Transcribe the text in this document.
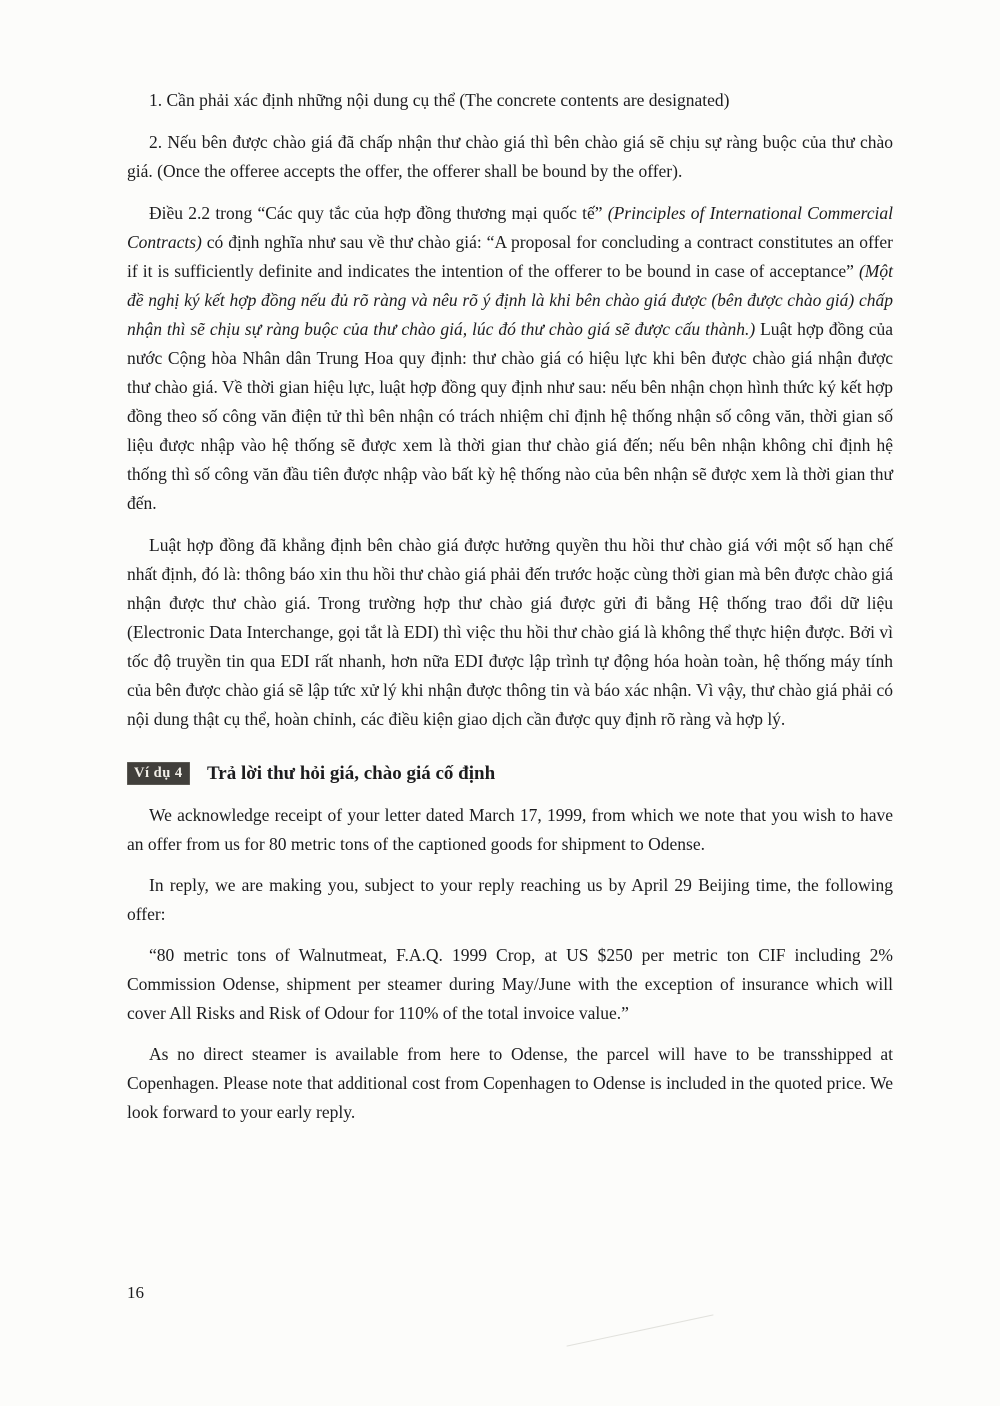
1. Cần phải xác định những nội dung cụ thể (The concrete contents are designated)

2. Nếu bên được chào giá đã chấp nhận thư chào giá thì bên chào giá sẽ chịu sự ràng buộc của thư chào giá. (Once the offeree accepts the offer, the offerer shall be bound by the offer).

Điều 2.2 trong “Các quy tắc của hợp đồng thương mại quốc tế” (Principles of International Commercial Contracts) có định nghĩa như sau về thư chào giá: “A proposal for concluding a contract constitutes an offer if it is sufficiently definite and indicates the intention of the offerer to be bound in case of acceptance” (Một đề nghị ký kết hợp đồng nếu đủ rõ ràng và nêu rõ ý định là khi bên chào giá được (bên được chào giá) chấp nhận thì sẽ chịu sự ràng buộc của thư chào giá, lúc đó thư chào giá sẽ được cấu thành.) Luật hợp đồng của nước Cộng hòa Nhân dân Trung Hoa quy định: thư chào giá có hiệu lực khi bên được chào giá nhận được thư chào giá. Về thời gian hiệu lực, luật hợp đồng quy định như sau: nếu bên nhận chọn hình thức ký kết hợp đồng theo số công văn điện tử thì bên nhận có trách nhiệm chỉ định hệ thống nhận số công văn, thời gian số liệu được nhập vào hệ thống sẽ được xem là thời gian thư chào giá đến; nếu bên nhận không chỉ định hệ thống thì số công văn đầu tiên được nhập vào bất kỳ hệ thống nào của bên nhận sẽ được xem là thời gian thư đến.

Luật hợp đồng đã khẳng định bên chào giá được hưởng quyền thu hồi thư chào giá với một số hạn chế nhất định, đó là: thông báo xin thu hồi thư chào giá phải đến trước hoặc cùng thời gian mà bên được chào giá nhận được thư chào giá. Trong trường hợp thư chào giá được gửi đi bằng Hệ thống trao đổi dữ liệu (Electronic Data Interchange, gọi tắt là EDI) thì việc thu hồi thư chào giá là không thể thực hiện được. Bởi vì tốc độ truyền tin qua EDI rất nhanh, hơn nữa EDI được lập trình tự động hóa hoàn toàn, hệ thống máy tính của bên được chào giá sẽ lập tức xử lý khi nhận được thông tin và báo xác nhận. Vì vậy, thư chào giá phải có nội dung thật cụ thể, hoàn chỉnh, các điều kiện giao dịch cần được quy định rõ ràng và hợp lý.

Ví dụ 4 Trả lời thư hỏi giá, chào giá cố định

We acknowledge receipt of your letter dated March 17, 1999, from which we note that you wish to have an offer from us for 80 metric tons of the captioned goods for shipment to Odense.

In reply, we are making you, subject to your reply reaching us by April 29 Beijing time, the following offer:

“80 metric tons of Walnutmeat, F.A.Q. 1999 Crop, at US $250 per metric ton CIF including 2% Commission Odense, shipment per steamer during May/June with the exception of insurance which will cover All Risks and Risk of Odour for 110% of the total invoice value.”

As no direct steamer is available from here to Odense, the parcel will have to be transshipped at Copenhagen. Please note that additional cost from Copenhagen to Odense is included in the quoted price. We look forward to your early reply.

16
